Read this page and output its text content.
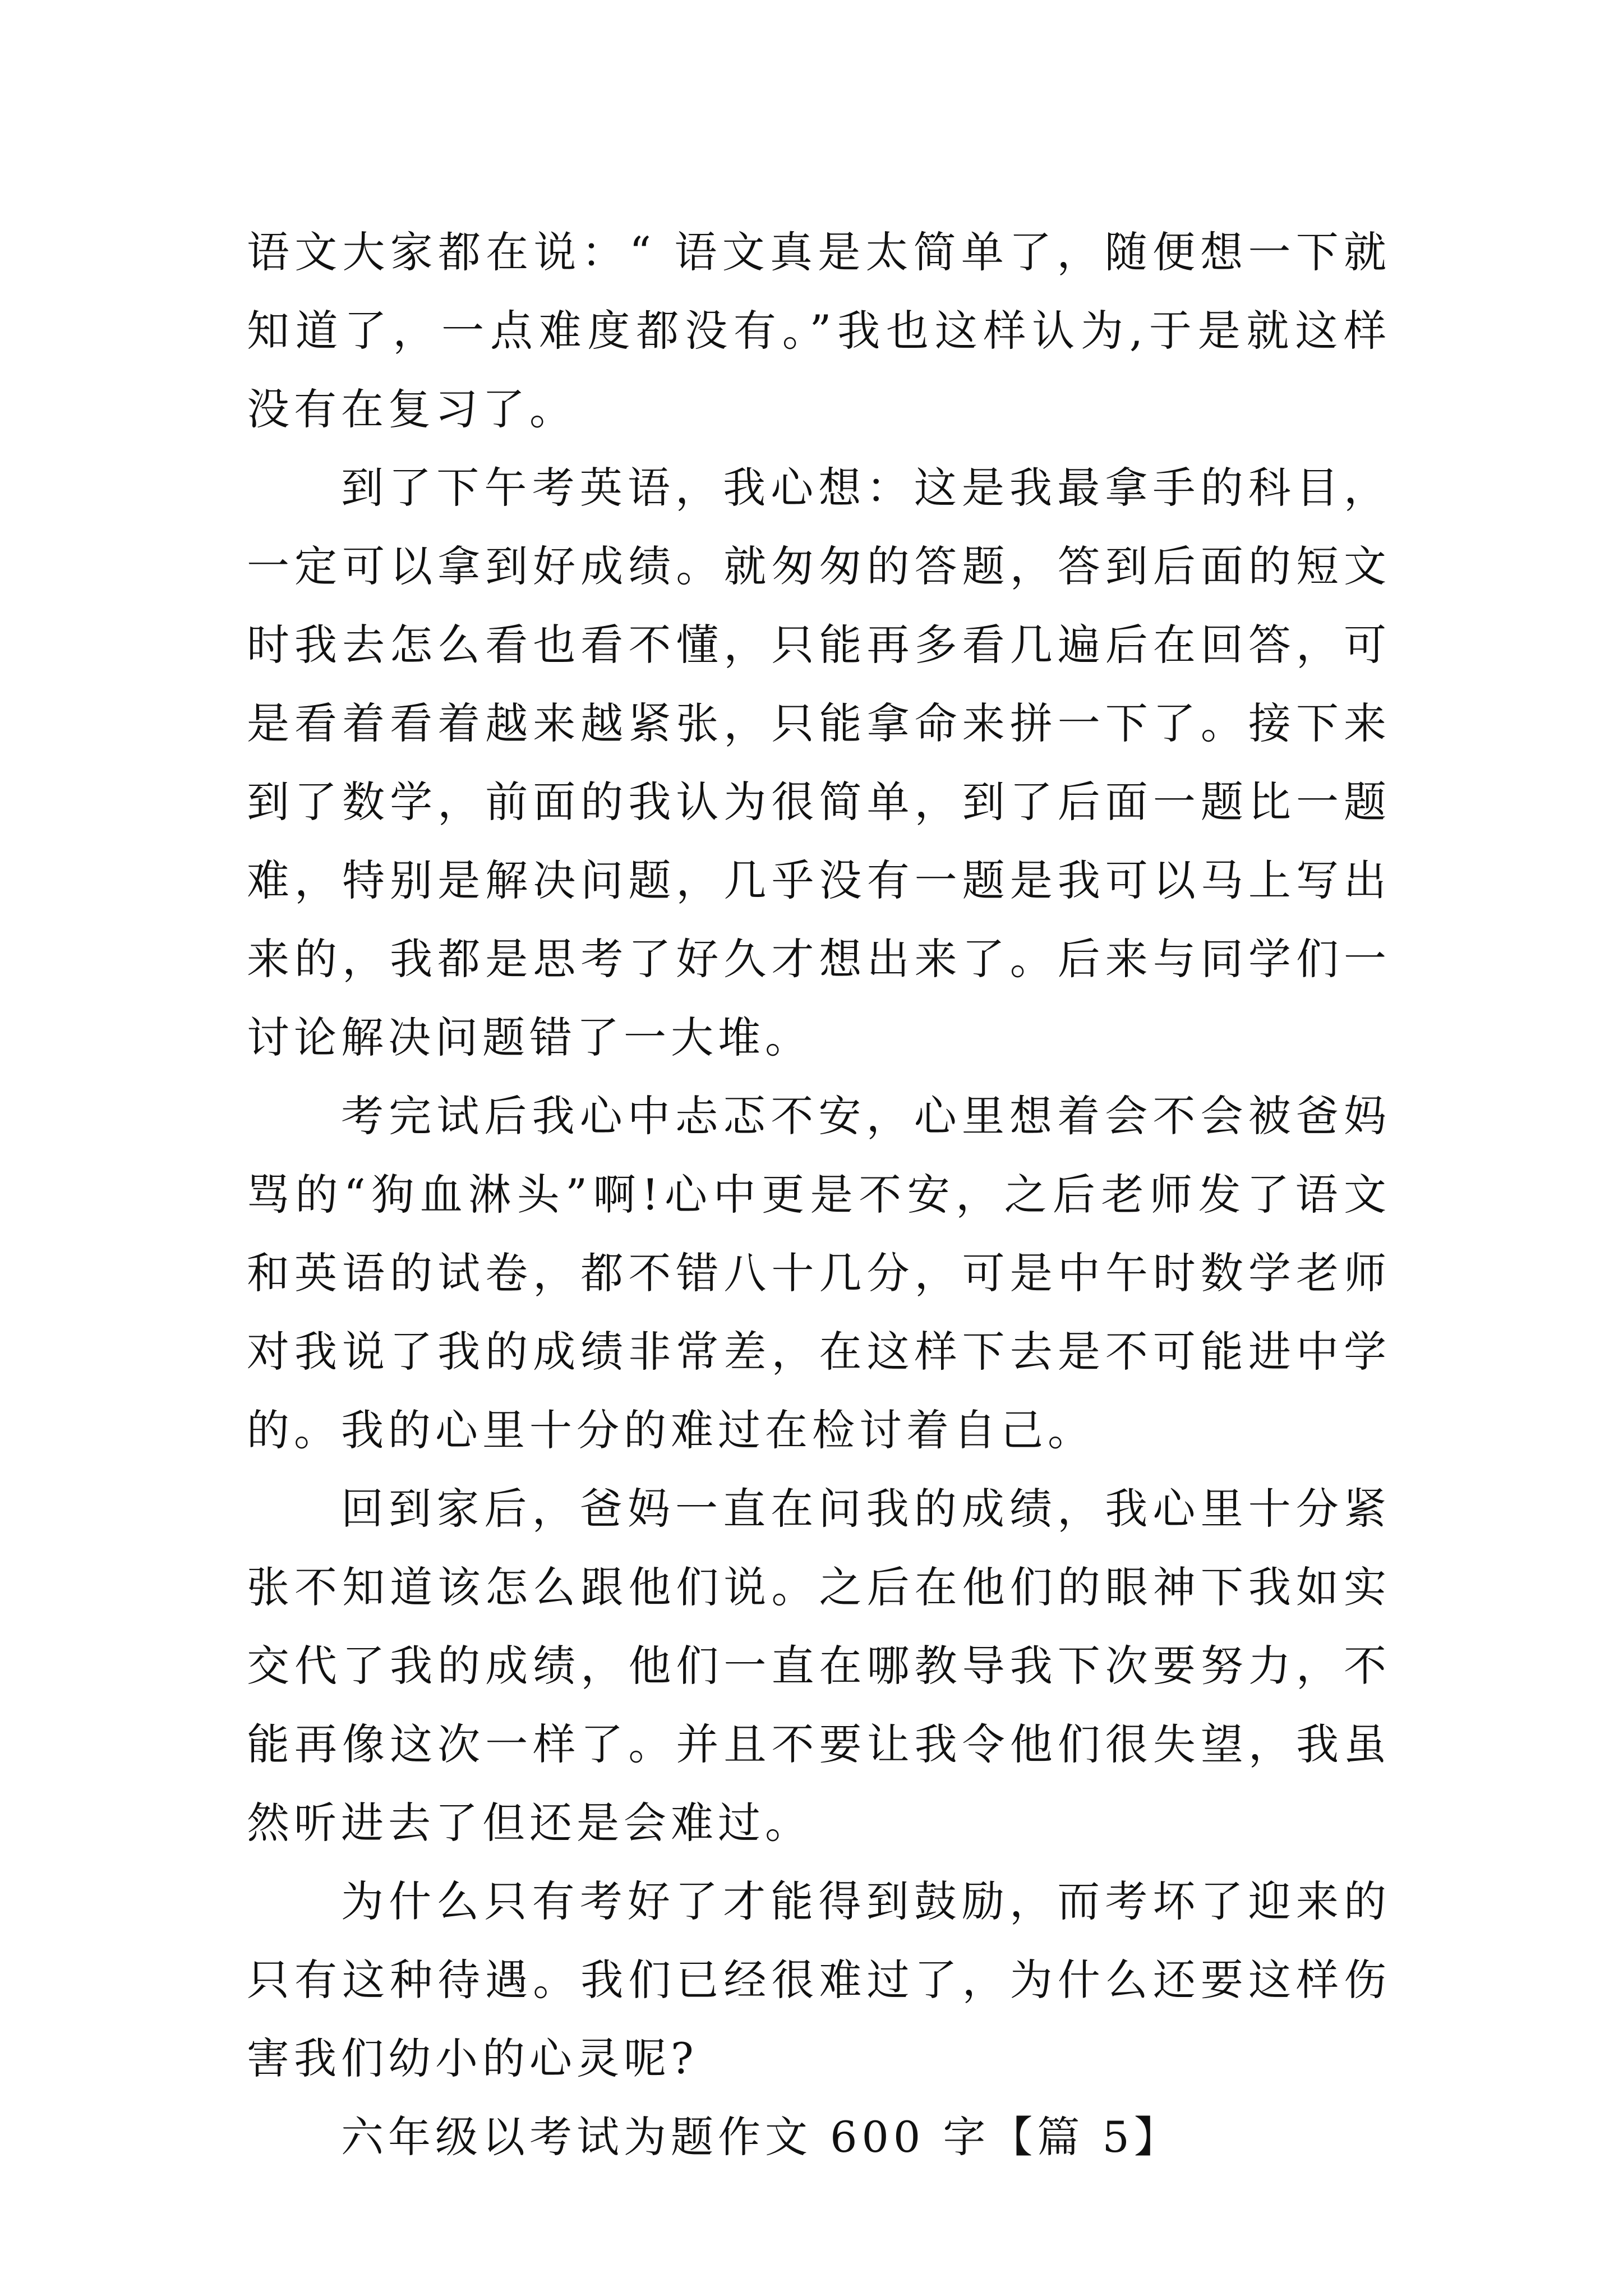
语文大家都在说：“ 语文真是太简单了，随便想一下就知道了，一点难度都没有。”我也这样认为,于是就这样没有在复习了。

到了下午考英语，我心想：这是我最拿手的科目，一定可以拿到好成绩。就匆匆的答题，答到后面的短文时我去怎么看也看不懂，只能再多看几遍后在回答，可是看着看着越来越紧张，只能拿命来拼一下了。接下来到了数学，前面的我认为很简单，到了后面一题比一题难，特别是解决问题，几乎没有一题是我可以马上写出来的，我都是思考了好久才想出来了。后来与同学们一讨论解决问题错了一大堆。

考完试后我心中忐忑不安，心里想着会不会被爸妈骂的“狗血淋头”啊!心中更是不安，之后老师发了语文和英语的试卷，都不错八十几分，可是中午时数学老师对我说了我的成绩非常差，在这样下去是不可能进中学的。我的心里十分的难过在检讨着自己。

回到家后，爸妈一直在问我的成绩，我心里十分紧张不知道该怎么跟他们说。之后在他们的眼神下我如实交代了我的成绩，他们一直在哪教导我下次要努力，不能再像这次一样了。并且不要让我令他们很失望，我虽然听进去了但还是会难过。

为什么只有考好了才能得到鼓励，而考坏了迎来的只有这种待遇。我们已经很难过了，为什么还要这样伤害我们幼小的心灵呢?

六年级以考试为题作文 600 字【篇 5】
